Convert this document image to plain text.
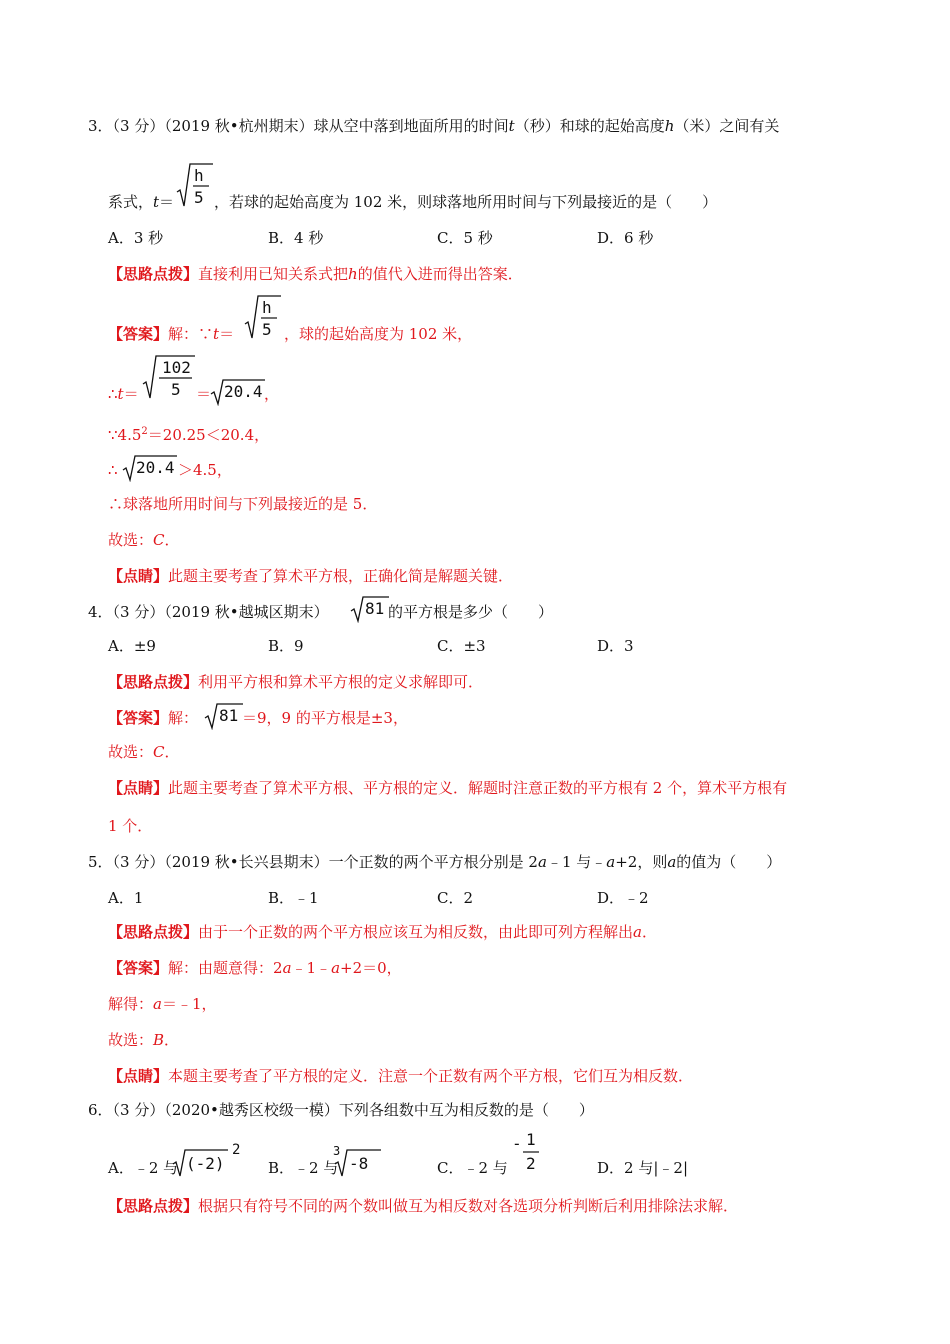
3．（3 分）（2019 秋•杭州期末）球从空中落到地面所用的时间t（秒）和球的起始高度h（米）之间有关
系式，t＝
h
5 ，若球的起始高度为 102 米，则球落地所用时间与下列最接近的是（　　）
A．3 秒	B．4 秒	C．5 秒	D．6 秒
【思路点拨】直接利用已知关系式把h的值代入进而得出答案．
【答案】解：∵t＝
h
5 ，球的起始高度为 102 米，
∴t＝
102
5 ＝ 20.4 ，
$\because 4.5^2=20.25<20.4$，
∴ 20.4 ＞4.5，
∴球落地所用时间与下列最接近的是 5．
故选：C．
【点睛】此题主要考查了算术平方根，正确化简是解题关键．
4．（3 分）（2019 秋•越城区期末） 81 的平方根是多少（　　）
A．±9	B．9	C．±3	D．3
【思路点拨】利用平方根和算术平方根的定义求解即可．
【答案】解： 81 ＝9，9 的平方根是±3，
故选：C．
【点睛】此题主要考查了算术平方根、平方根的定义．解题时注意正数的平方根有 2 个，算术平方根有
1 个．
5．（3 分）（2019 秋•长兴县期末）一个正数的两个平方根分别是 2a﹣1 与﹣a+2，则a的值为（　　）
A．1	B．﹣1	C．2	D．﹣2
【思路点拨】由于一个正数的两个平方根应该互为相反数，由此即可列方程解出a．
【答案】解：由题意得：2a﹣1﹣a+2＝0，
解得：a＝﹣1，
故选：B．
【点睛】本题主要考查了平方根的定义．注意一个正数有两个平方根，它们互为相反数．
6．（3 分）（2020•越秀区校级一模）下列各组数中互为相反数的是（　　）
A．﹣2 与 (-2)
2
B．﹣2 与
3
-8	C．﹣2 与
- 1
2	D．2 与|﹣2|
【思路点拨】根据只有符号不同的两个数叫做互为相反数对各选项分析判断后利用排除法求解．
